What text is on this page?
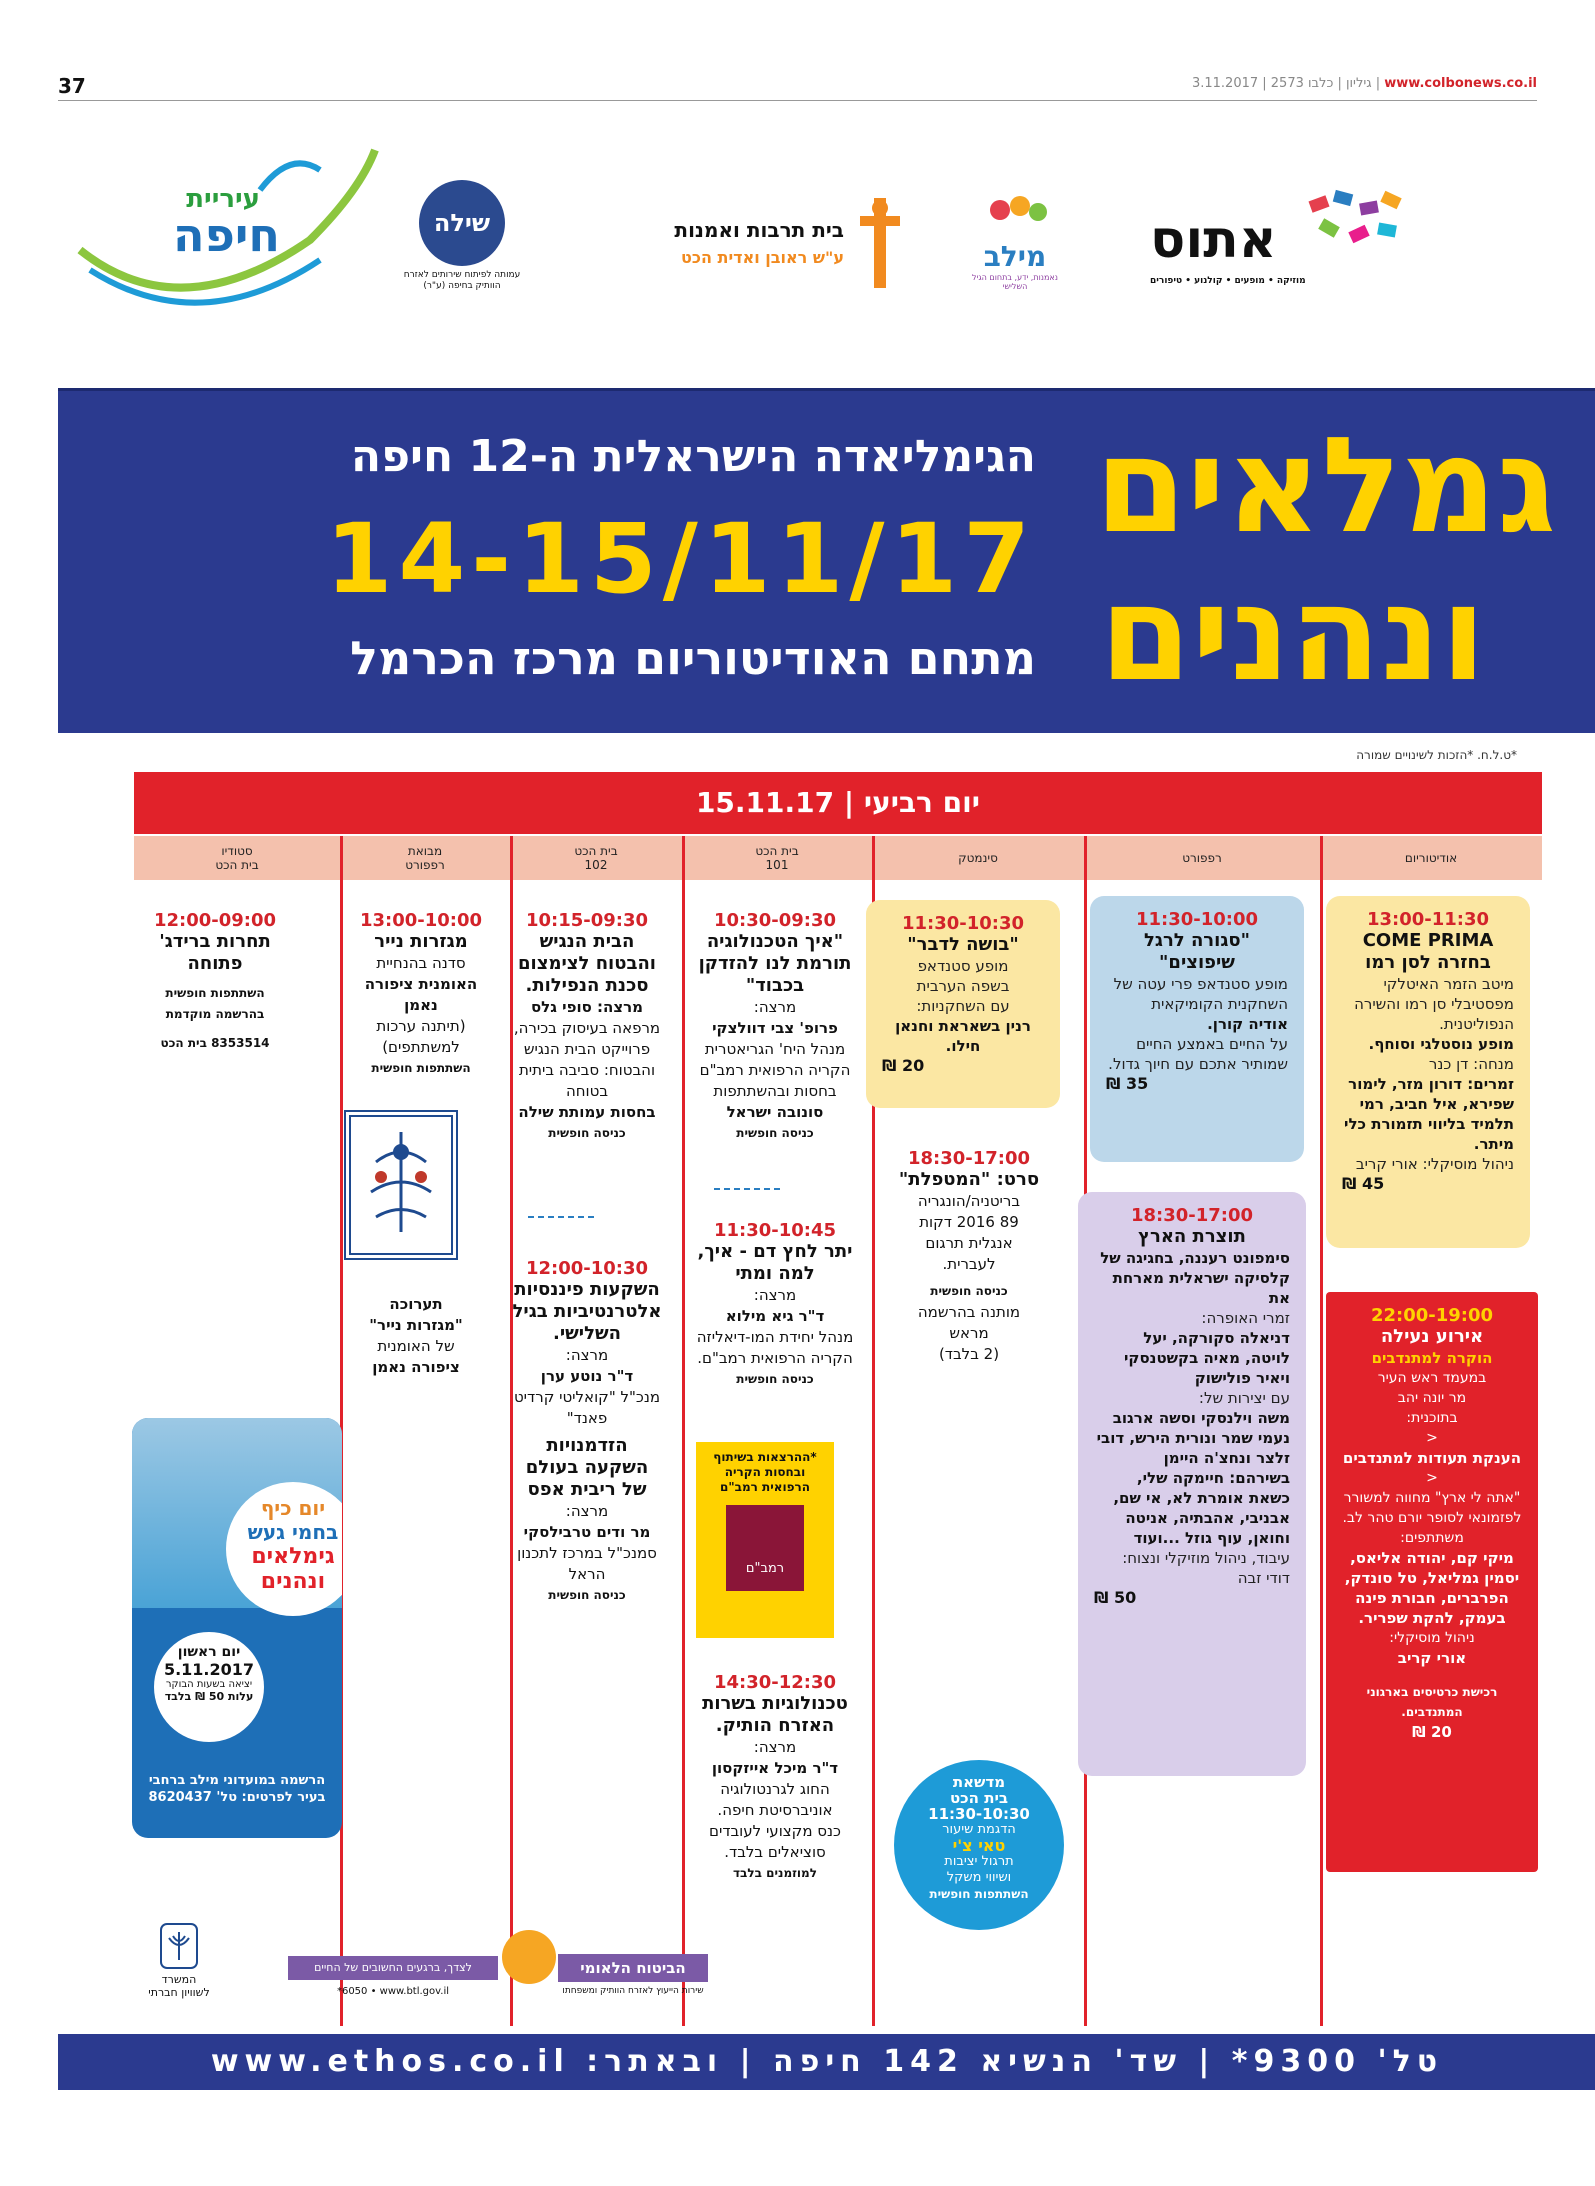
37	3.11.2017 | 2573 גיליון | כלבו | www.colbonews.co.il
עיריית
חיפה	שילה
עמותה לפיתוח שירותים לאזרח הוותיק בחיפה (ע"ר)
בית תרבות ואמנות
ע"ש ראובן ואדית הכט	מילב
נאמנות, ידע, בתחום הגיל השלישי
אתוס
מוזיקה • מופעים • קולנוע • טיפורים
גמלאים
ונהנים
הגימליאדה הישראלית ה-12 חיפה
14-15/11/17
מתחם האודיטוריום מרכז הכרמל
*ט.ל.ח. *הזכות לשינויים שמורה
יום רביעי | 15.11.17
אודיטוריום
רפפורט
סינמטק
בית הכט
101
בית הכט
102
מבואת
רפפורט
סטודיו
בית הכט
13:00-11:30
COME PRIMA
בחזרה לסן רמו
מיטב הזמר האיטלקי מפסטיבלי סן רמו והשירה הנפוליטנית.
מופע נוסטלגי וסוחף.
מנחה: דן כנר
זמרים: דורון מזר, לימור שפירא, איל חביב, רמי תלמיד בליווי תזמורת כלי מיתר.
ניהול מוסיקלי: אורי קריב
45 ₪
22:00-19:00
אירוע נעילה
הוקרה למתנדבים
במעמד ראש העיר
מר יונה יהב
בתוכנית:
<
הענקת תעודות למתנדבים
<
"אתה לי ארץ" מחווה למשורר לפזמונאי לסופר יורם טהר לב.
משתתפים:
מיקי קם, יהודה אליאס, יסמין גמליאל, טל סונדק, הפרברים, חבורת פינה בעמק, להקת שפריר.
ניהול מוסיקלי:
אורי קריב
רכישת כרטיסים בארגוני המתנדבים.
20 ₪
11:30-10:00
"סגורה לרגל שיפוצים"
מופע סטנדאפ פרי עטה של השחקנית הקומיקאית
אודיה קורן.
על החיים באמצע החיים שמותיר אתכם עם חיוך גדול.
35 ₪
18:30-17:00
תוצרת הארץ
סימפונט רעננה, בחגיגה של קלסיקה ישראלית מארחת את
זמרי האופרה:
דניאלה סקורקה, יעל לויטה, מאיה בקשטנסקי ויאיר פולישוק
עם יצירות של:
משה וילנסקי וסשה ארגוב נעמי שמר ונורית הירש, דובי זלצר ונחצ'ה היימן
בשירהם: חיימקה שלי, כשאת אומרת לא, אי שם, אבניבי, אהבתיה, אניטה וחואן, עוף גוזל ...ועוד
עיבוד, ניהול מוזיקלי ונצוח: דודי זבה
50 ₪
11:30-10:30
"בושה לדבר"
מופע סטנדאפ
בשפה הערבית
עם השחקניות:
רנין בשאראת וחנאן חילו.
20 ₪
18:30-17:00
סרט: "המטפלת"
בריטניה/הונגריה
89 2016 דקות
אנגלית תרגום
לעברית.
כניסה חופשית
מותנה בהרשמה
מראש
(2 בלבד)
10:30-09:30
"איך הטכנולוגיה תורמת לנו להזדקן בכבוד"
מרצה:
פרופ' צבי דוולצקי
מנהל היח' הגריאטרית הקריה הרפואית רמב"ם
בחסות ובהשתתפות
סונובה ישראל
כניסה חופשית
11:30-10:45
יתר לחץ דם - איך, למה ומתי
מרצה:
ד"ר גיא מילוא
מנהל יחידת המו-דיאליזה הקריה הרפואית רמב"ם.
כניסה חופשית
*ההרצאות בשיתוף ובחסות הקריה הרפואית רמב"ם
רמב"ם
14:30-12:30
טכנולוגיות בשרות האזרח הותיק.
מרצה:
ד"ר מיכל אייזקסון
החוג לגרנטולוגיה אוניברסיטת חיפה.
כנס מקצועי לעובדים סוציאלים בלבד.
למוזמנים בלבד
10:15-09:30
הבית הנגיש והבטוח לצימצום סכנת הנפילות.
מרצה: סופי גלס
מרפאה בעיסוק בכירה, פרוייקט הבית הנגיש והבטוח: סביבה ביתית בטוחה
בחסות עמותת שילה
כניסה חופשית
12:00-10:30
השקעות פיננסיות אלטרנטיביות בגיל השלישי.
מרצה:
ד"ר נוטע ערן
מנכ"ל "קואליטי קרדיט פאנד"
הזדמנויות השקעה בעולם של ריבית אפס
מרצה:
מר ודים טרבילסקי
סמנכ"ל במרכז לתכנון הראל
כניסה חופשית
13:00-10:00
מגזרות נייר
סדנה בהנחיית
האומנית ציפורה
נאמן
(תיתנה ערכות
למשתתפים)
השתתפות חופשית
תערוכה
"מגזרות נייר"
של האומנית
ציפורה נאמן
12:00-09:00
תחרות ברידג' פתוחה
השתתפות חופשית
בהרשמה מוקדמת
8353514 בית הכט
יום כיף
בחמי געש
גימלאים
ונהנים
יום ראשון
5.11.2017
יציאה בשעות הבוקר
עלות 50 ₪ בלבד
הרשמה במועדוני מילב ברחבי בעיר לפרטים: טל' 8620437
מדשאת
בית הכט
11:30-10:30
הדגמת שיעור
טאי צ'י
תרגול יציבות
ושיווי משקל
השתתפות חופשית
המשרד
לשוויון חברתי
לצדך, ברגעים החשובים של החיים
*6050 • www.btl.gov.il
הביטוח הלאומי
שירות הייעוץ לאזרח הוותיק ומשפחתו
טל' 9300* | שד' הנשיא 142 חיפה | ובאתר: www.ethos.co.il
